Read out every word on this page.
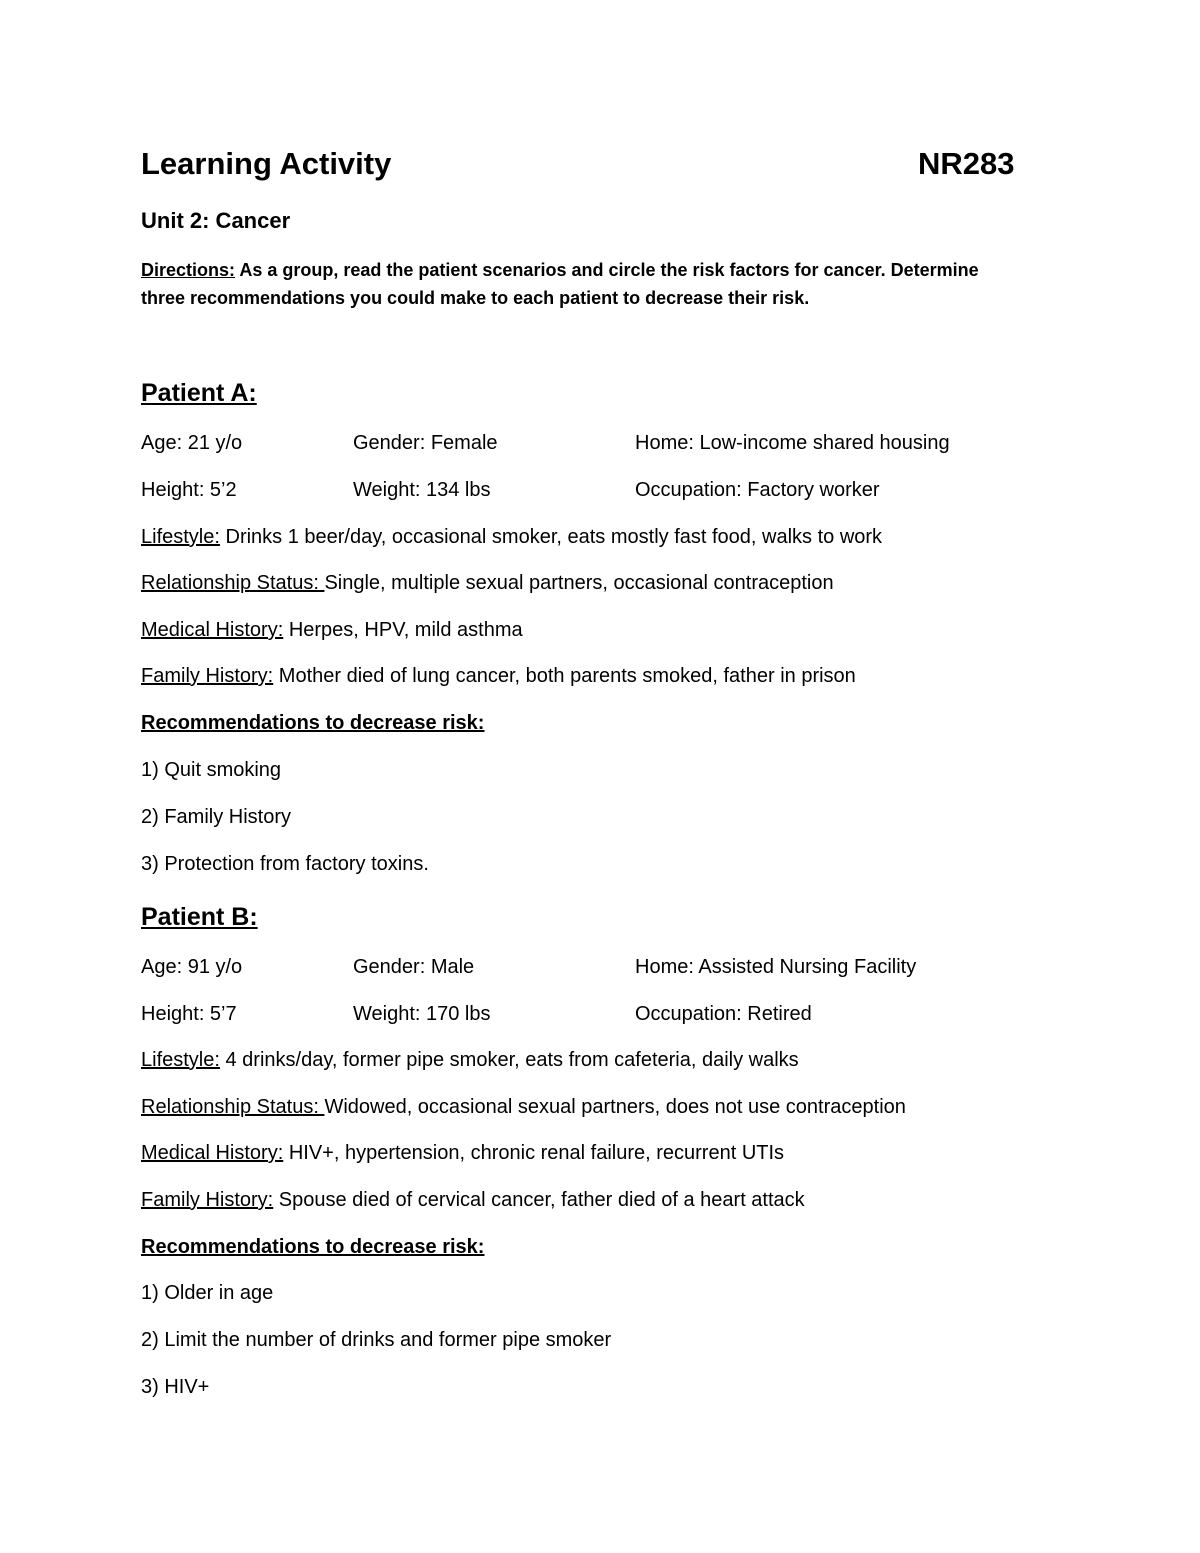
Learning Activity	NR283
Unit 2: Cancer
Directions: As a group, read the patient scenarios and circle the risk factors for cancer. Determine three recommendations you could make to each patient to decrease their risk.
Patient A:
Age: 21 y/o	Gender: Female	Home: Low-income shared housing
Height: 5’2	Weight: 134 lbs	Occupation: Factory worker
Lifestyle: Drinks 1 beer/day, occasional smoker, eats mostly fast food, walks to work
Relationship Status: Single, multiple sexual partners, occasional contraception
Medical History: Herpes, HPV, mild asthma
Family History: Mother died of lung cancer, both parents smoked, father in prison
Recommendations to decrease risk:
1) Quit smoking
2) Family History
3) Protection from factory toxins.
Patient B:
Age: 91 y/o	Gender: Male	Home: Assisted Nursing Facility
Height: 5’7	Weight: 170 lbs	Occupation: Retired
Lifestyle: 4 drinks/day, former pipe smoker, eats from cafeteria, daily walks
Relationship Status: Widowed, occasional sexual partners, does not use contraception
Medical History: HIV+, hypertension, chronic renal failure, recurrent UTIs
Family History: Spouse died of cervical cancer, father died of a heart attack
Recommendations to decrease risk:
1) Older in age
2) Limit the number of drinks and former pipe smoker
3) HIV+
